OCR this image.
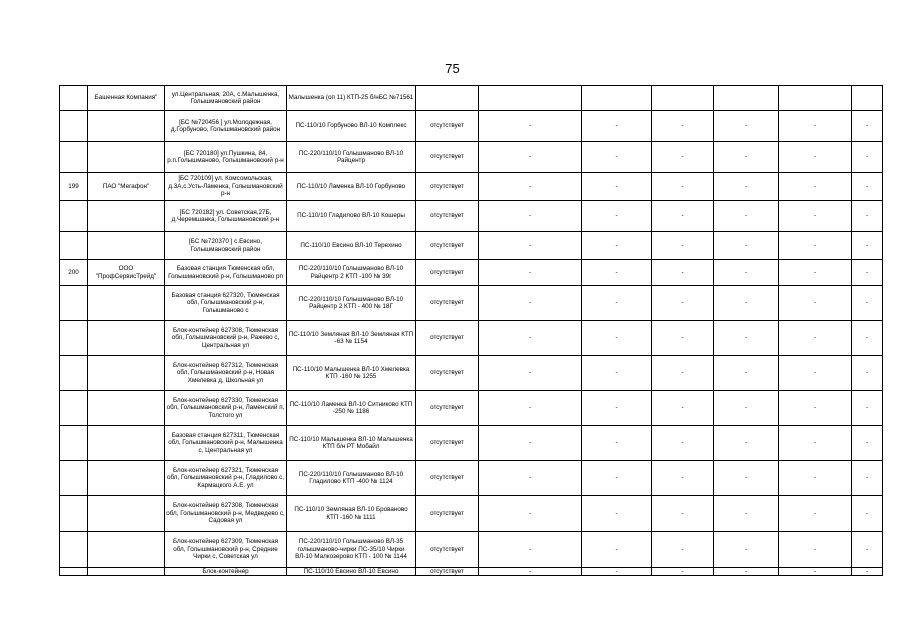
75
	Башенная Компания"	ул.Центральная, 20А, с.Малышенка, Голышмановский район	Малышенка (оп 11) КТП-25 б/нБС №71561							
		[БС №720456 ] ул.Молодежная, д.Горбуново, Голышмановский район	ПС-110/10 Горбуново ВЛ-10 Комплекс	отсутствует	-	-	-	-	-	-
		[БС 720180] ул.Пушкина, 84, р.п.Голышманово, Голышмановский р-н	ПС-220/110/10 Голышманово ВЛ-10 Райцентр	отсутствует	-	-	-	-	-	-
199	ПАО "Мегафон"	[БС 720109] ул. Комсомольская, д.3А,с.Усть-Ламенка, Голышмановский р-н	ПС-110/10 Ламенка ВЛ-10 Горбуново	отсутствует	-	-	-	-	-	-
		[БС 720182] ул. Советская,27Б, д.Черемшанка, Голышмановский р-н	ПС-110/10 Гладилово ВЛ-10 Кошеры	отсутствует	-	-	-	-	-	-
		[БС №720370 ] с.Евсино, Голышмановский район	ПС-110/10 Евсино ВЛ-10 Терехино	отсутствует	-	-	-	-	-	-
200	ООО "ПрофСервисТрейд"	Базовая станция Тюменская обл, Голышмановский р-н, Голышманово рп	ПС-220/110/10 Голышманово ВЛ-10 Райцентр 2 КТП -100 № 39г	отсутствует	-	-	-	-	-	-
		Базовая станция 627320, Тюменская обл, Голышмановский р-н, Голышманово с	ПС-220/110/10 Голышманово ВЛ-10 Райцентр 2 КТП - 400 № 18Г	отсутствует	-	-	-	-	-	-
		Блок-контейнер 627308, Тюменская обл, Голышмановский р-н, Ражево с, Центральная ул	ПС-110/10 Земляная ВЛ-10 Земляная КТП -63 № 1154	отсутствует	-	-	-	-	-	-
		Блок-контейнер 627312, Тюменская обл, Голышмановский р-н, Новая Хмелевка д, Школьная ул	ПС-110/10 Малышенка ВЛ-10 Хмелевка КТП -160 № 1255	отсутствует	-	-	-	-	-	-
		Блок-контейнер 627330, Тюменская обл, Голышмановский р-н, Ламенский п, Толстого ул	ПС-110/10 Ламенка ВЛ-10 Ситниково КТП -250 № 1186	отсутствует	-	-	-	-	-	-
		Базовая станция 627311, Тюменская обл, Голышмановский р-н, Малышенка с, Центральная ул	ПС-110/10 Малышенка ВЛ-10 Малышенка КТП б/н РТ Мобайл	отсутствует	-	-	-	-	-	-
		Блок-контейнер 627321, Тюменская обл, Голышмановский р-н, Гладилово с, Кармацкого А.Е. ул	ПС-220/110/10 Голышманово ВЛ-10 Гладилово КТП -400 № 1124	отсутствует	-	-	-	-	-	-
		Блок-контейнер 627308, Тюменская обл, Голышмановский р-н, Медведево с, Садовая ул	ПС-110/10 Земляная ВЛ-10 Брованово КТП -160 № 1111	отсутствует	-	-	-	-	-	-
		Блок-контейнер 627309, Тюменская обл, Голышмановский р-н, Средние Чирки с, Советская ул	ПС-220/110/10 Голышманово ВЛ-35 голышманово-чирки ПС-35/10 Чирки ВЛ-10 Малкозерово КТП - 100 № 1144	отсутствует	-	-	-	-	-	-
		Блок-контейнер	ПС-110/10 Евсино ВЛ-10 Евсино	отсутствует	-	-	-	-	-	-
